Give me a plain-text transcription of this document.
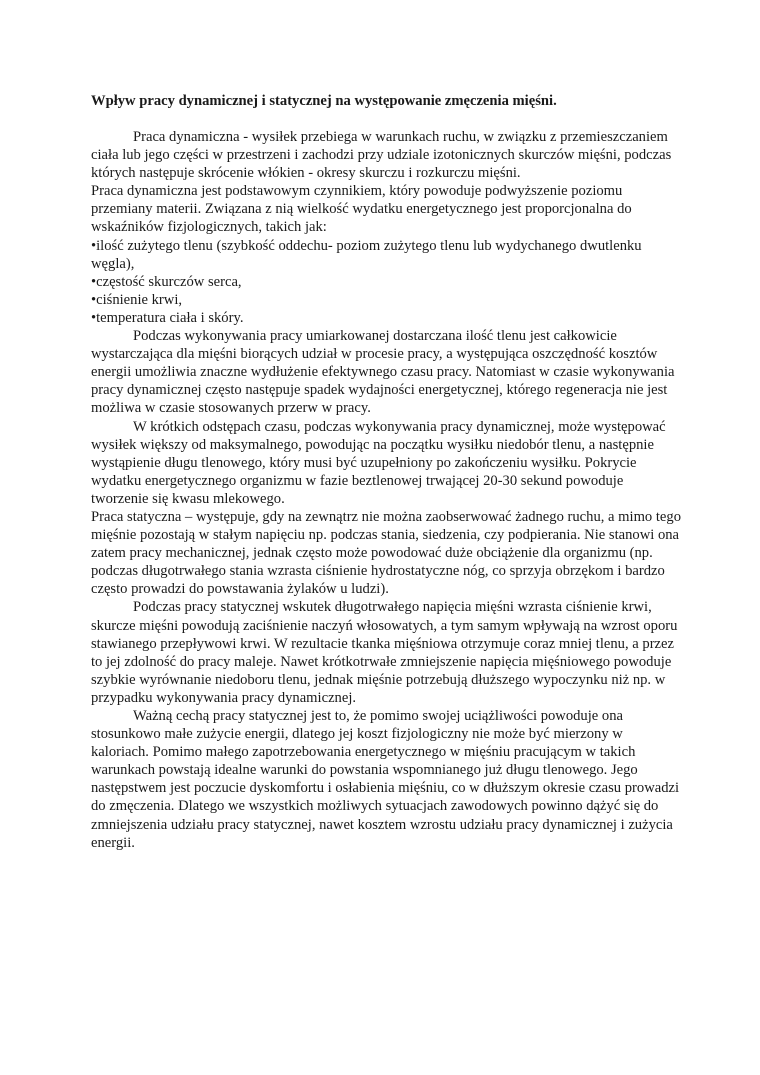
Wpływ pracy dynamicznej i statycznej na występowanie zmęczenia mięśni.

Praca dynamiczna - wysiłek przebiega w warunkach ruchu, w związku z przemieszczaniem ciała lub jego części w przestrzeni i zachodzi przy udziale izotonicznych skurczów mięśni, podczas których następuje skrócenie włókien - okresy skurczu i rozkurczu mięśni.

Praca dynamiczna jest podstawowym czynnikiem, który powoduje podwyższenie poziomu przemiany materii. Związana z nią wielkość wydatku energetycznego jest proporcjonalna do wskaźników fizjologicznych, takich jak:

•ilość zużytego tlenu (szybkość oddechu- poziom zużytego tlenu lub wydychanego dwutlenku węgla),

•częstość skurczów serca,

•ciśnienie krwi,

•temperatura ciała i skóry.

Podczas wykonywania pracy umiarkowanej dostarczana ilość tlenu jest całkowicie wystarczająca dla mięśni biorących udział w procesie pracy, a występująca oszczędność kosztów energii umożliwia znaczne wydłużenie efektywnego czasu pracy. Natomiast w czasie wykonywania pracy dynamicznej często następuje spadek wydajności energetycznej, którego regeneracja nie jest możliwa w czasie stosowanych przerw w pracy.

W krótkich odstępach czasu, podczas wykonywania pracy dynamicznej, może występować wysiłek większy od maksymalnego, powodując na początku wysiłku niedobór tlenu, a następnie wystąpienie długu tlenowego, który musi być uzupełniony po zakończeniu wysiłku. Pokrycie wydatku energetycznego organizmu w fazie beztlenowej trwającej 20-30 sekund powoduje tworzenie się kwasu mlekowego.

Praca statyczna – występuje, gdy na zewnątrz nie można zaobserwować żadnego ruchu, a mimo tego mięśnie pozostają w stałym napięciu np. podczas stania, siedzenia, czy podpierania. Nie stanowi ona zatem pracy mechanicznej, jednak często może powodować duże obciążenie dla organizmu (np. podczas długotrwałego stania wzrasta ciśnienie hydrostatyczne nóg, co sprzyja obrzękom i bardzo często prowadzi do powstawania żylaków u ludzi).

Podczas pracy statycznej wskutek długotrwałego napięcia mięśni wzrasta ciśnienie krwi, skurcze mięśni powodują zaciśnienie naczyń włosowatych, a tym samym wpływają na wzrost oporu stawianego przepływowi krwi. W rezultacie tkanka mięśniowa otrzymuje coraz mniej tlenu, a przez to jej zdolność do pracy maleje. Nawet krótkotrwałe zmniejszenie napięcia mięśniowego powoduje szybkie wyrównanie niedoboru tlenu, jednak mięśnie potrzebują dłuższego wypoczynku niż np. w przypadku wykonywania pracy dynamicznej.

Ważną cechą pracy statycznej jest to, że pomimo swojej uciążliwości powoduje ona stosunkowo małe zużycie energii, dlatego jej koszt fizjologiczny nie może być mierzony w kaloriach. Pomimo małego zapotrzebowania energetycznego w mięśniu pracującym w takich warunkach powstają idealne warunki do powstania wspomnianego już długu tlenowego. Jego następstwem jest poczucie dyskomfortu i osłabienia mięśniu, co w dłuższym okresie czasu prowadzi do zmęczenia. Dlatego we wszystkich możliwych sytuacjach zawodowych powinno dążyć się do zmniejszenia udziału pracy statycznej, nawet kosztem wzrostu udziału pracy dynamicznej i zużycia energii.
